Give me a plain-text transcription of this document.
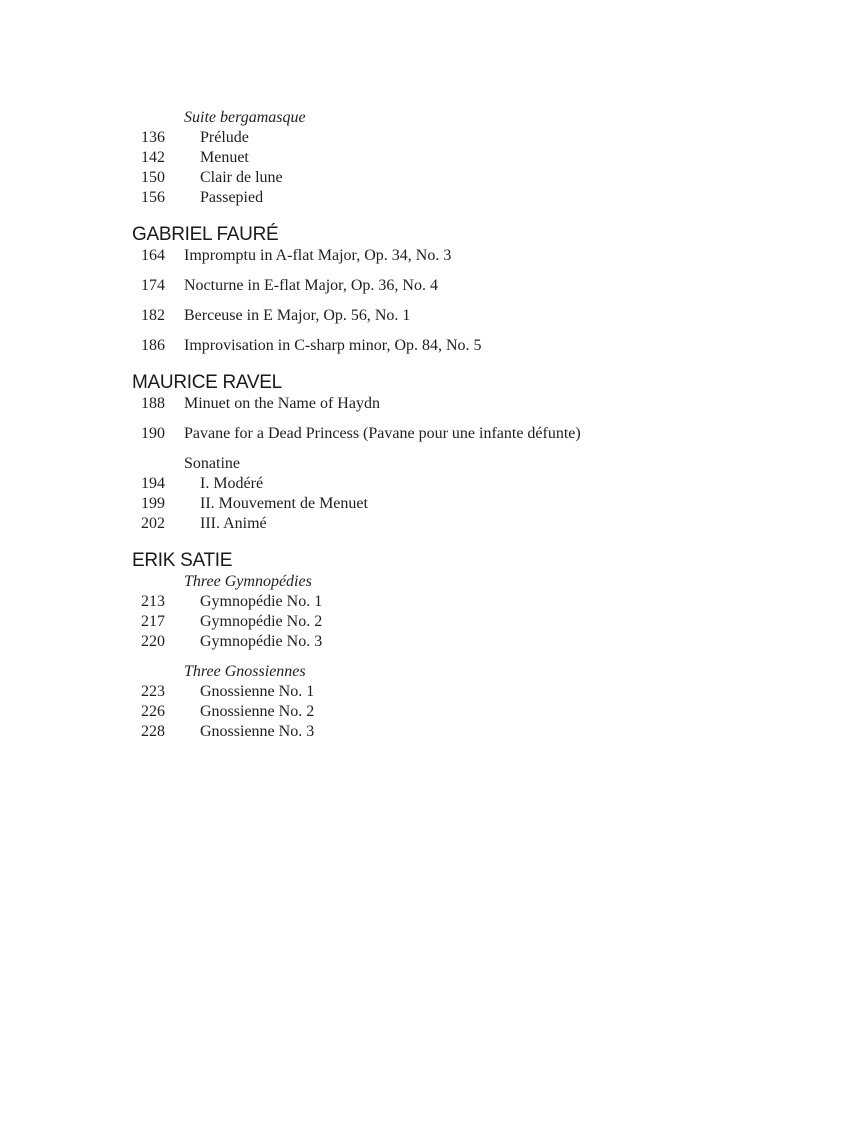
Suite bergamasque
136 Prélude
142 Menuet
150 Clair de lune
156 Passepied
GABRIEL FAURÉ
164 Impromptu in A-flat Major, Op. 34, No. 3
174 Nocturne in E-flat Major, Op. 36, No. 4
182 Berceuse in E Major, Op. 56, No. 1
186 Improvisation in C-sharp minor, Op. 84, No. 5
MAURICE RAVEL
188 Minuet on the Name of Haydn
190 Pavane for a Dead Princess (Pavane pour une infante défunte)
Sonatine
194 I. Modéré
199 II. Mouvement de Menuet
202 III. Animé
ERIK SATIE
Three Gymnopédies
213 Gymnopédie No. 1
217 Gymnopédie No. 2
220 Gymnopédie No. 3
Three Gnossiennes
223 Gnossienne No. 1
226 Gnossienne No. 2
228 Gnossienne No. 3
